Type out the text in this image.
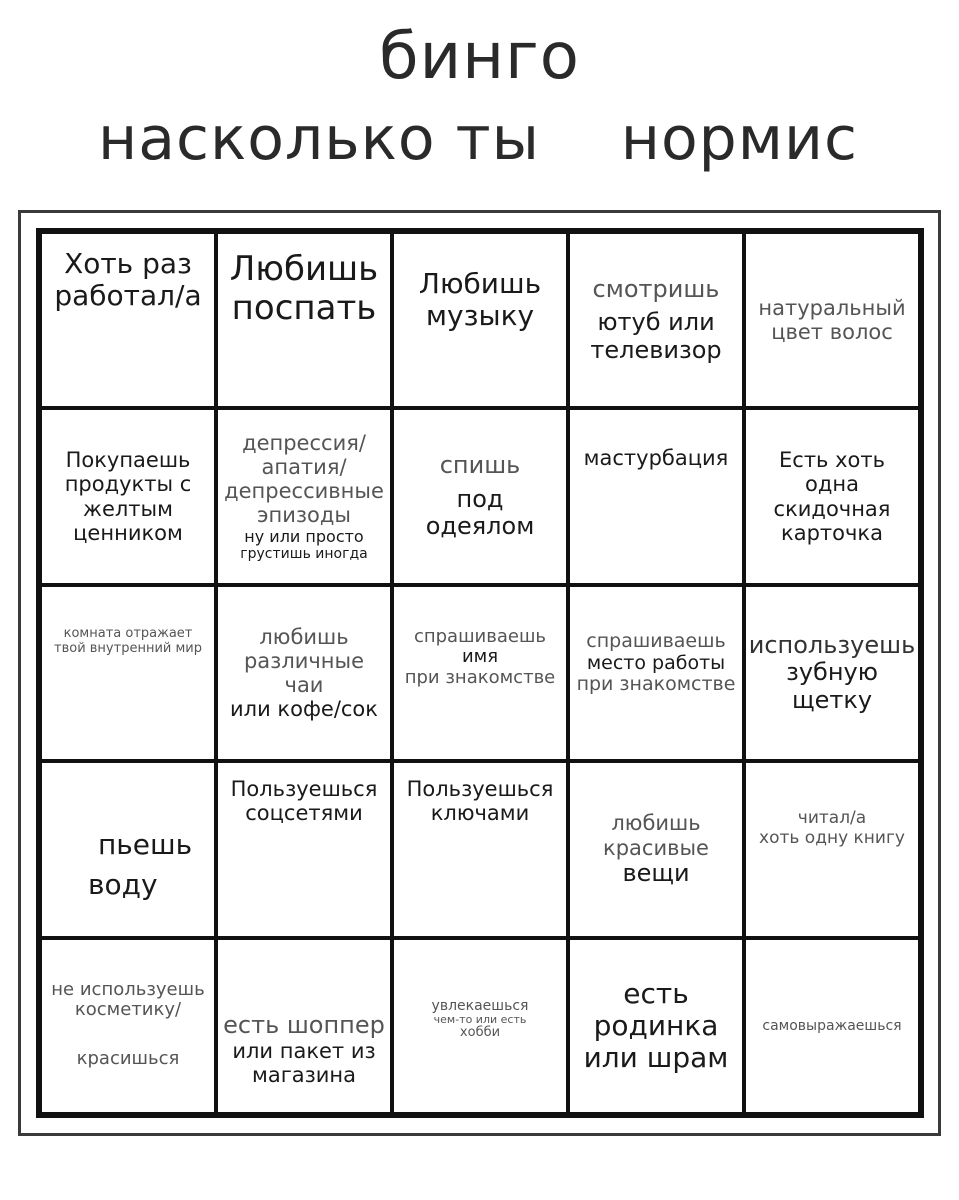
бинго
насколько ты нормис
Хоть раз
работал/а
Любишь
поспать
Любишь
музыку
смотришь
ютуб или
телевизор
натуральный
цвет волос
Покупаешь
продукты с
желтым
ценником
депрессия/
апатия/
депрессивные
эпизоды
ну или просто
грустишь иногда
спишь
под
одеялом
мастурбация Есть хоть
одна
скидочная
карточка
комната отражает
твой внутренний мир	любишь
различные чаи
или кофе/сок
спрашиваешь
имя
при знакомстве
спрашиваешь
место работы
при знакомстве
используешь
зубную
щетку
пьешь
воду
Пользуешься
соцсетями
Пользуешься
ключами	любишь
красивые
вещи
читал/а
хоть одну книгу
не используешь
косметику/
красишься
есть шоппер
или пакет из
магазина
увлекаешься
чем-то или есть
хобби
есть
родинка
или шрам
самовыражаешься
